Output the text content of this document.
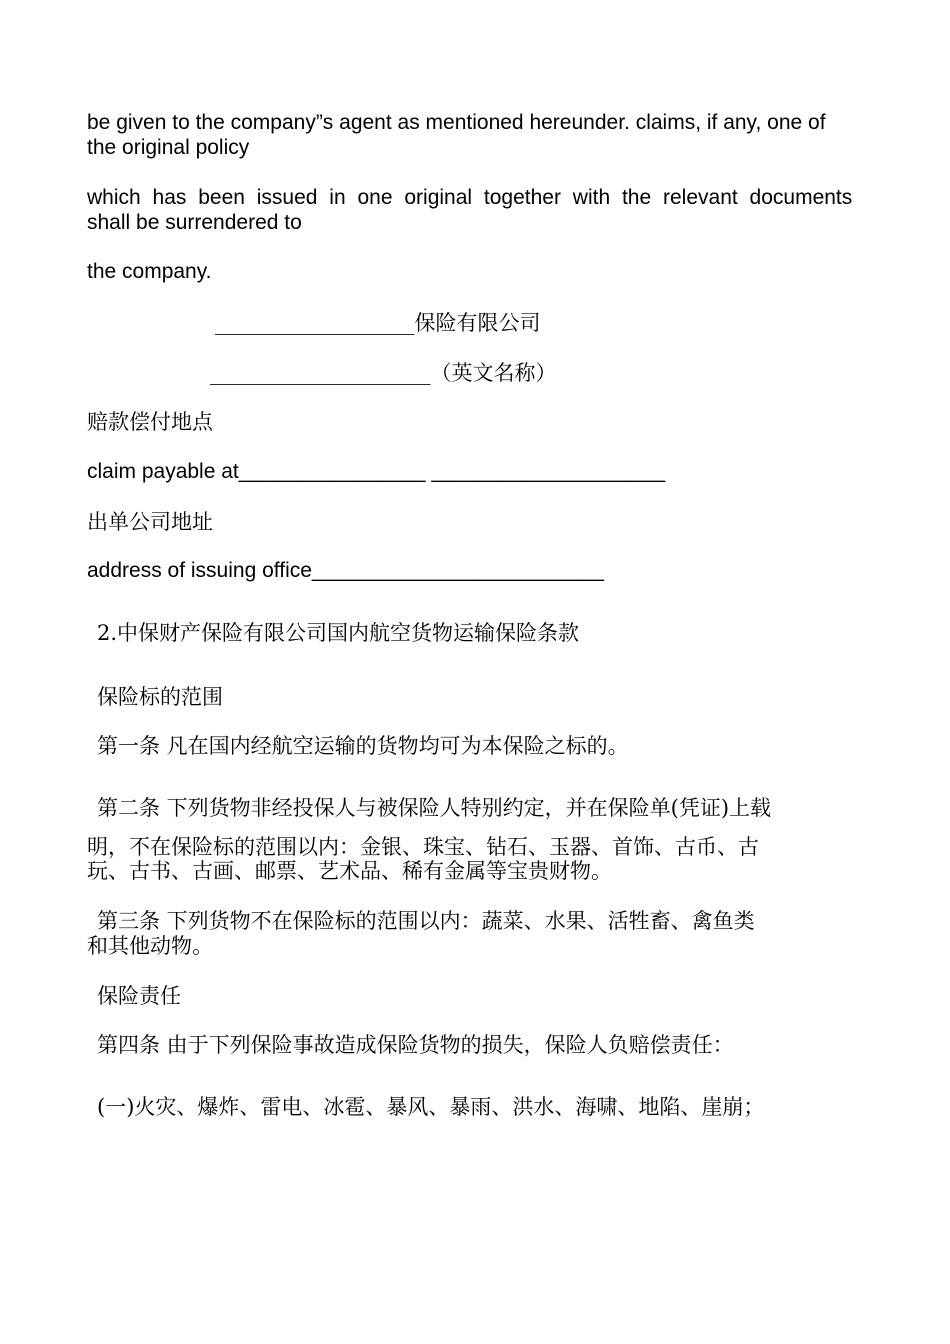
be given to the company”s agent as mentioned hereunder. claims, if any, one of
the original policy
which has been issued in one original together with the relevant documents
shall be surrendered to
the company.
___________________保险有限公司
_____________________（英文名称）
赔款偿付地点
claim payable at________________ ____________________
出单公司地址
address of issuing office_________________________
2.中保财产保险有限公司国内航空货物运输保险条款
保险标的范围
第一条 凡在国内经航空运输的货物均可为本保险之标的。
第二条 下列货物非经投保人与被保险人特别约定，并在保险单(凭证)上载
明，不在保险标的范围以内：金银、珠宝、钻石、玉器、首饰、古币、古
玩、古书、古画、邮票、艺术品、稀有金属等宝贵财物。
第三条 下列货物不在保险标的范围以内：蔬菜、水果、活牲畜、禽鱼类
和其他动物。
保险责任
第四条 由于下列保险事故造成保险货物的损失，保险人负赔偿责任：
(一)火灾、爆炸、雷电、冰雹、暴风、暴雨、洪水、海啸、地陷、崖崩；
